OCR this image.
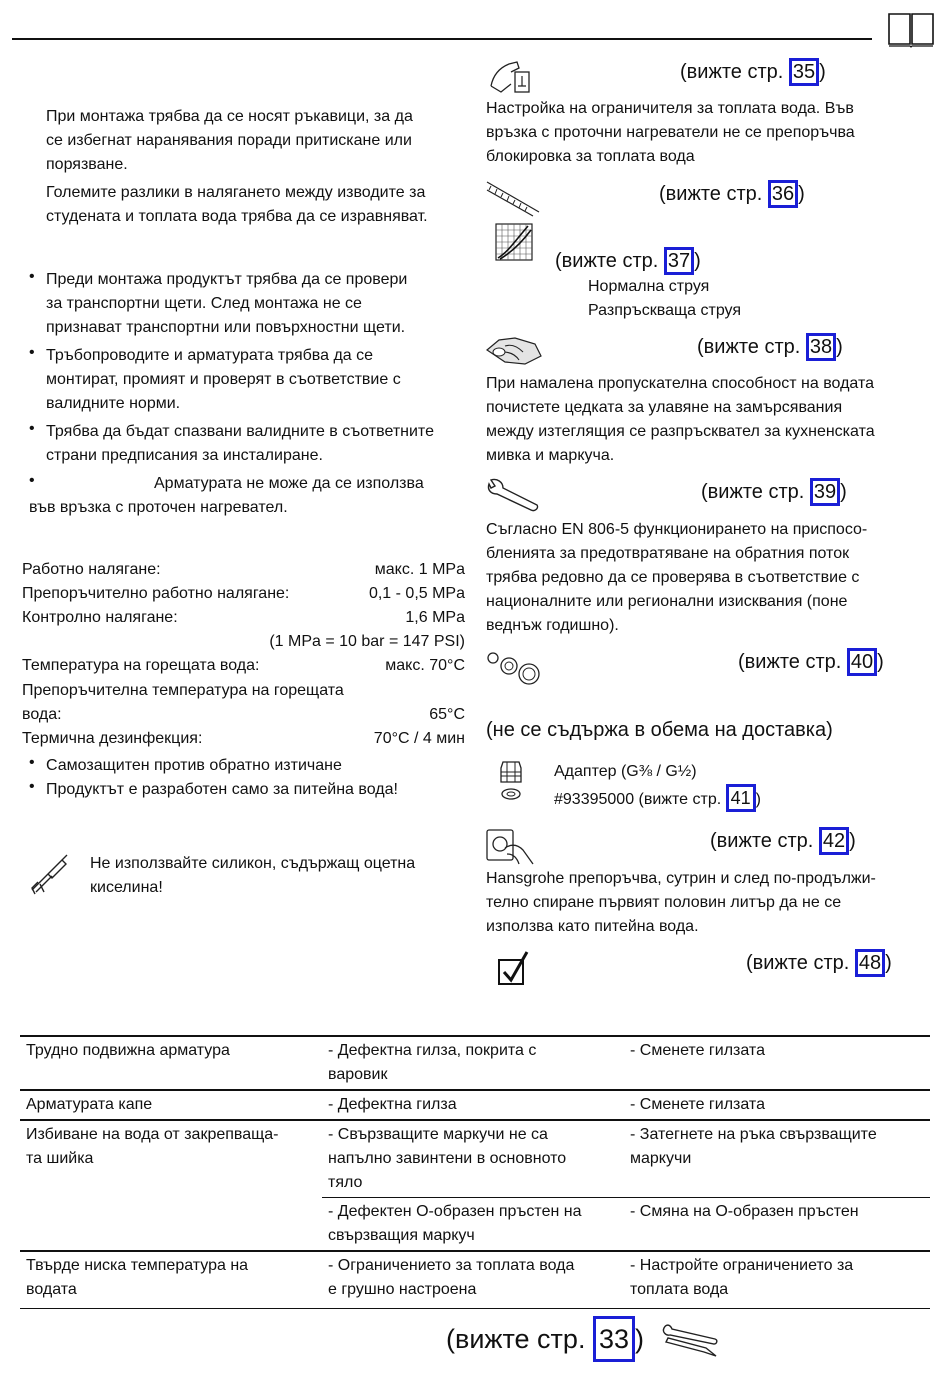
При монтажа трябва да се носят ръкавици, за да
се избегнат наранявания поради притискане или
порязване.
Големите разлики в налягането между изводите за
студената и топлата вода трябва да се изравняват.
• Преди монтажа продуктът трябва да се провери
за транспортни щети. След монтажа не се
признават транспортни или повърхностни щети.
• Тръбопроводите и арматурата трябва да се
монтират, промият и проверят в съответствие с
валидните норми.
• Трябва да бъдат спазвани валидните в съответните
страни предписания за инсталиране.
•	Арматурата не може да се използва
във връзка с проточен нагревател.
Работно налягане:	макс. 1 MPa
Препоръчително работно налягане:	0,1 - 0,5 MPa
Контролно налягане:	1,6 MPa
(1 MPa = 10 bar = 147 PSI)
Температура на горещата вода:	макс. 70°C
Препоръчителна температура на горещата
вода:	65°C
Термична дезинфекция:	70°C / 4 мин
• Самозащитен против обратно изтичане
• Продуктът е разработен само за питейна вода!
Не използвайте силикон, съдържащ оцетна
киселина!
(вижте стр. 35 )
Настройка на ограничителя за топлата вода. Във
връзка с проточни нагреватели не се препоръчва
блокировка за топлата вода
(вижте стр. 36 )
(вижте стр. 37 )
Нормална струя
Разпръскваща струя
(вижте стр. 38 )
При намалена пропускателна способност на водата
почистете цедката за улавяне на замърсявания
между изтеглящия се разпръсквател за кухненската
мивка и маркуча.
(вижте стр. 39 )
Съгласно EN 806-5 функционирането на приспосо-
бленията за предотвратяване на обратния поток
трябва редовно да се проверява в съответствие с
националните или регионални изисквания (поне
веднъж годишно).
(вижте стр. 40 )
(не се съдържа в обема на доставка)
Адаптер (G⅜ / G½)
#93395000 (вижте стр. 41 )
(вижте стр. 42 )
Hansgrohe препоръчва, сутрин и след по-продължи-
телно спиране първият половин литър да не се
използва като питейна вода.
(вижте стр. 48 )
Трудно подвижна арматура	- Дефектна гилза, покрита с
варовик	- Сменете гилзата

Арматурата капе	- Дефектна гилза	- Сменете гилзата

Избиване на вода от закрепваща-
та шийка	- Свързващите маркучи не са
напълно завинтени в основното
тяло	- Затегнете на ръка свързващите
маркучи

	- Дефектен О-образен пръстен на
свързващия маркуч	- Смяна на О-образен пръстен

Твърде ниска температура на
водата	- Ограничението за топлата вода
е грушно настроена	- Настройте ограничението за
топлата вода
(вижте стр. 33 )
